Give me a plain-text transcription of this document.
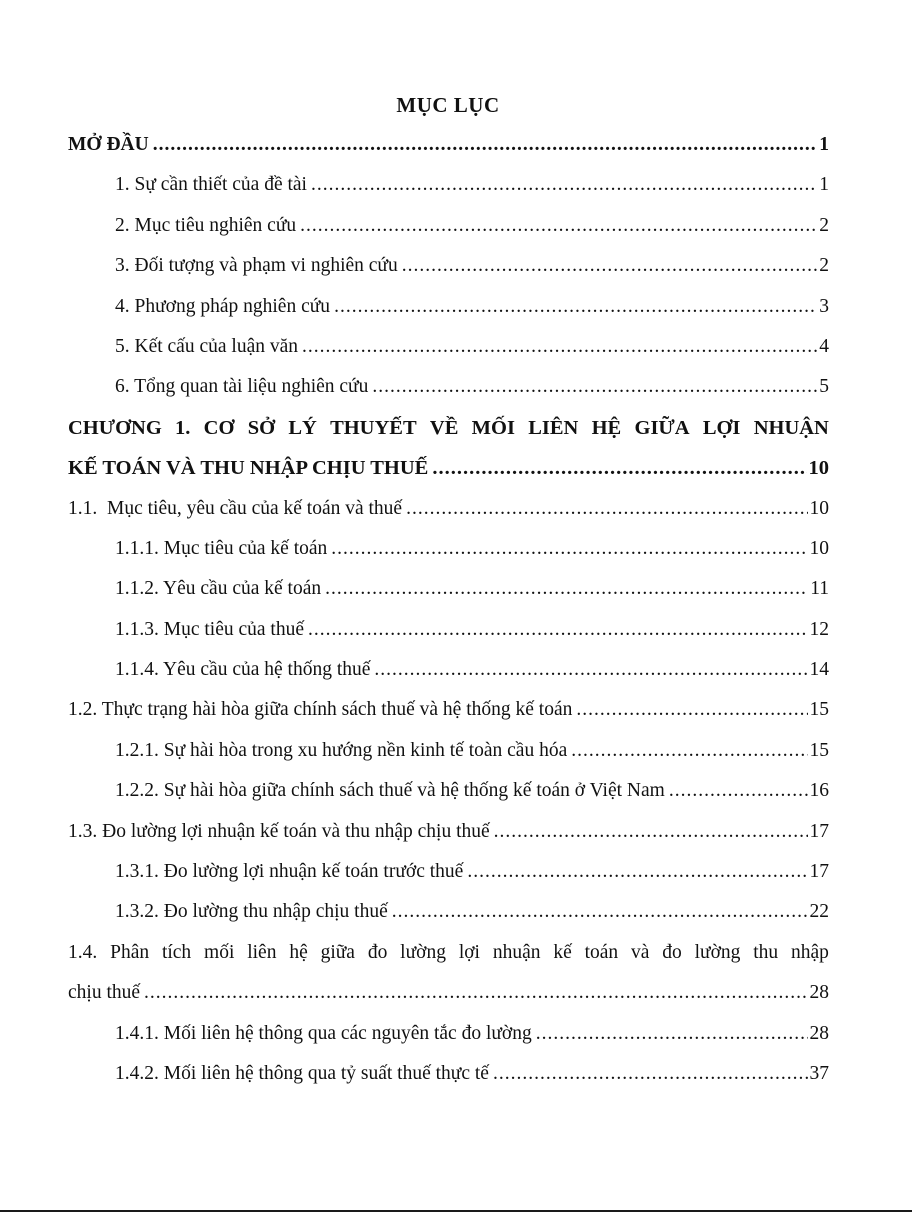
MỤC LỤC
MỞ ĐẦU .....	1
1. Sự cần thiết của đề tài .....	1
2. Mục tiêu nghiên cứu .....	2
3. Đối tượng và phạm vi nghiên cứu .....	2
4. Phương pháp nghiên cứu .....	3
5. Kết cấu của luận văn .....	4
6. Tổng quan tài liệu nghiên cứu .....	5
CHƯƠNG 1. CƠ SỞ LÝ THUYẾT VỀ MỐI LIÊN HỆ GIỮA LỢI NHUẬN
KẾ TOÁN VÀ THU NHẬP CHỊU THUẾ .....	10
1.1.  Mục tiêu, yêu cầu của kế toán và thuế .....	10
1.1.1. Mục tiêu của kế toán .....	10
1.1.2. Yêu cầu của kế toán .....	11
1.1.3. Mục tiêu của thuế .....	12
1.1.4. Yêu cầu của hệ thống thuế .....	14
1.2. Thực trạng hài hòa giữa chính sách thuế và hệ thống kế toán .....	15
1.2.1. Sự hài hòa trong xu hướng nền kinh tế toàn cầu hóa .....	15
1.2.2. Sự hài hòa giữa chính sách thuế và hệ thống kế toán ở Việt Nam .....	16
1.3. Đo lường lợi nhuận kế toán và thu nhập chịu thuế .....	17
1.3.1. Đo lường lợi nhuận kế toán trước thuế .....	17
1.3.2. Đo lường thu nhập chịu thuế .....	22
1.4. Phân tích mối liên hệ giữa đo lường lợi nhuận kế toán và đo lường thu nhập
chịu thuế .....	28
1.4.1. Mối liên hệ thông qua các nguyên tắc đo lường .....	28
1.4.2. Mối liên hệ thông qua tỷ suất thuế thực tế .....	37
